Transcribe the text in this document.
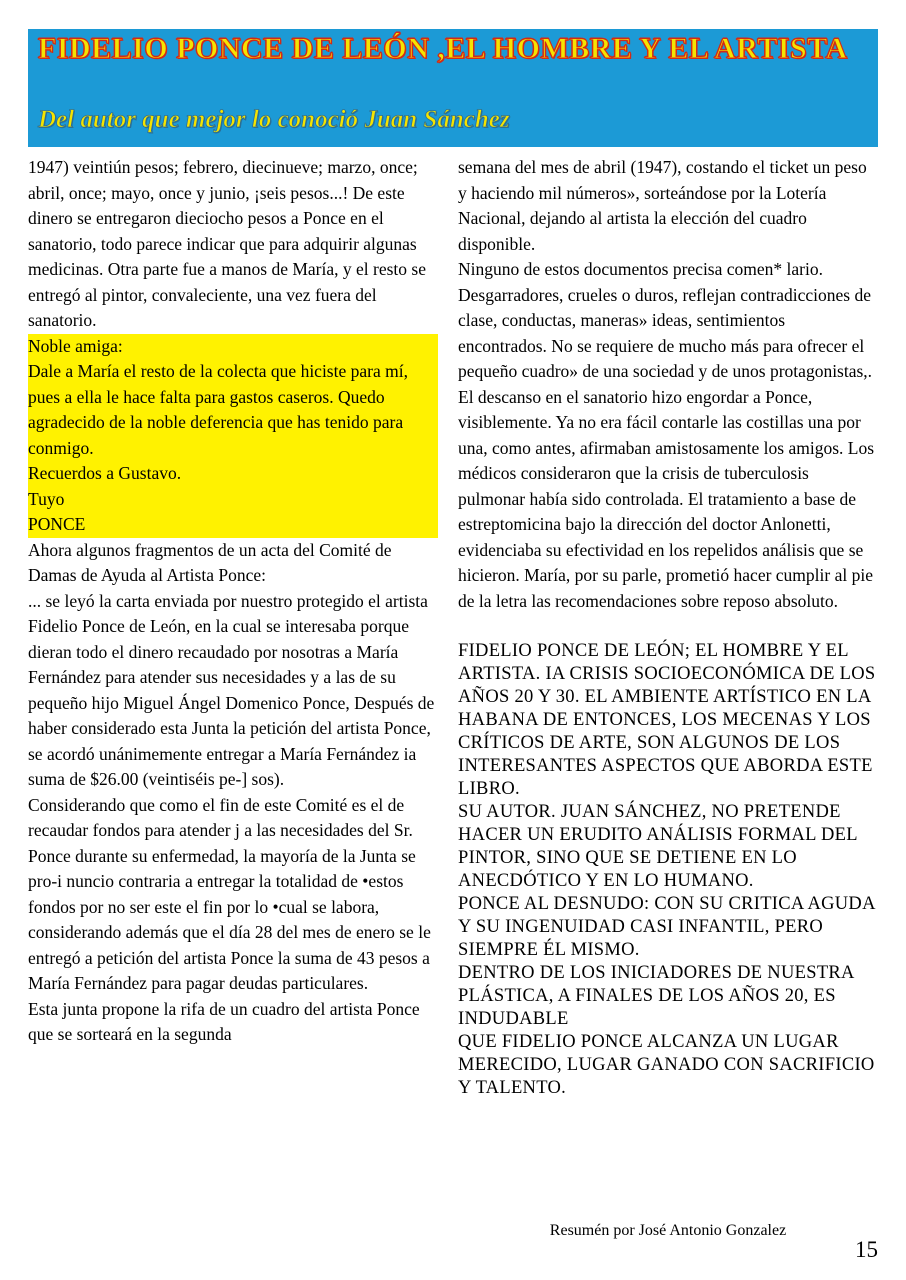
FIDELIO PONCE DE LEÓN ,EL HOMBRE Y EL ARTISTA
Del autor que mejor lo conoció Juan Sánchez

1947) veintiún pesos; febrero, diecinueve; marzo, once; abril, once; mayo, once y junio, ¡seis pesos...! De este dinero se entregaron dieciocho pesos a Ponce en el sanatorio, todo parece indicar que para adquirir algunas medicinas. Otra parte fue a manos de María, y el resto se entregó al pintor, convaleciente, una vez fuera del sanatorio.

Noble amiga:

Dale a María el resto de la colecta que hiciste para mí, pues a ella le hace falta para gastos caseros. Quedo agradecido de la noble deferencia que has tenido para conmigo.

Recuerdos a Gustavo.

Tuyo

PONCE

Ahora algunos fragmentos de un acta del Comité de Damas de Ayuda al Artista Ponce:

... se leyó la carta enviada por nuestro protegido el artista Fidelio Ponce de León, en la cual se interesaba porque dieran todo el dinero recaudado por nosotras a María Fernández para atender sus necesidades y a las de su pequeño hijo Miguel Ángel Domenico Ponce, Después de haber considerado esta Junta la petición del artista Ponce, se acordó unánimemente entregar a María Fernández ia suma de $26.00 (veintiséis pe-] sos).

Considerando que como el fin de este Comité es el de recaudar fondos para atender j a las necesidades del Sr. Ponce durante su enfermedad, la mayoría de la Junta se pro-i nuncio contraria a entregar la totalidad de •estos fondos por no ser este el fin por lo •cual se labora, considerando además que el día 28 del mes de enero se le entregó a petición del artista Ponce la suma de 43 pesos a María Fernández para pagar deudas particulares.

Esta junta propone la rifa de un cuadro del artista Ponce que se sorteará en la segunda

semana del mes de abril (1947), costando el ticket un peso y haciendo mil números», sorteándose por la Lotería Nacional, dejando al artista la elección del cuadro disponible.

Ninguno de estos documentos precisa comen* lario. Desgarradores, crueles o duros, reflejan contradicciones de clase, conductas, maneras» ideas, sentimientos encontrados. No se requiere de mucho más para ofrecer el pequeño cuadro» de una sociedad y de unos protagonistas,.

El descanso en el sanatorio hizo engordar a Ponce, visiblemente. Ya no era fácil contarle las costillas una por una, como antes, afirmaban amistosamente los amigos. Los médicos consideraron que la crisis de tuberculosis pulmonar había sido controlada. El tratamiento a base de estreptomicina bajo la dirección del doctor Anlonetti, evidenciaba su efectividad en los repelidos análisis que se hicieron. María, por su parle, prometió hacer cumplir al pie de la letra las recomendaciones sobre reposo absoluto.

FIDELIO PONCE DE LEÓN; EL HOMBRE Y EL ARTISTA. IA CRISIS SOCIOECONÓMICA DE LOS AÑOS 20 Y 30. EL AMBIENTE ARTÍSTICO EN LA HABANA DE ENTONCES, LOS MECENAS Y LOS CRÍTICOS DE ARTE, SON ALGUNOS DE LOS INTERESANTES ASPECTOS QUE ABORDA ESTE LIBRO.

SU AUTOR. JUAN SÁNCHEZ, NO PRETENDE HACER UN ERUDITO ANÁLISIS FORMAL DEL PINTOR, SINO QUE SE DETIENE EN LO ANECDÓTICO Y EN LO HUMANO.

PONCE AL DESNUDO: CON SU CRITICA AGUDA Y SU INGENUIDAD CASI INFANTIL, PERO SIEMPRE ÉL MISMO.

DENTRO DE LOS INICIADORES DE NUESTRA PLÁSTICA, A FINALES DE LOS AÑOS 20, ES INDUDABLE

QUE FIDELIO PONCE ALCANZA UN LUGAR MERECIDO, LUGAR GANADO CON SACRIFICIO Y TALENTO.

Resumén por José Antonio Gonzalez
15
